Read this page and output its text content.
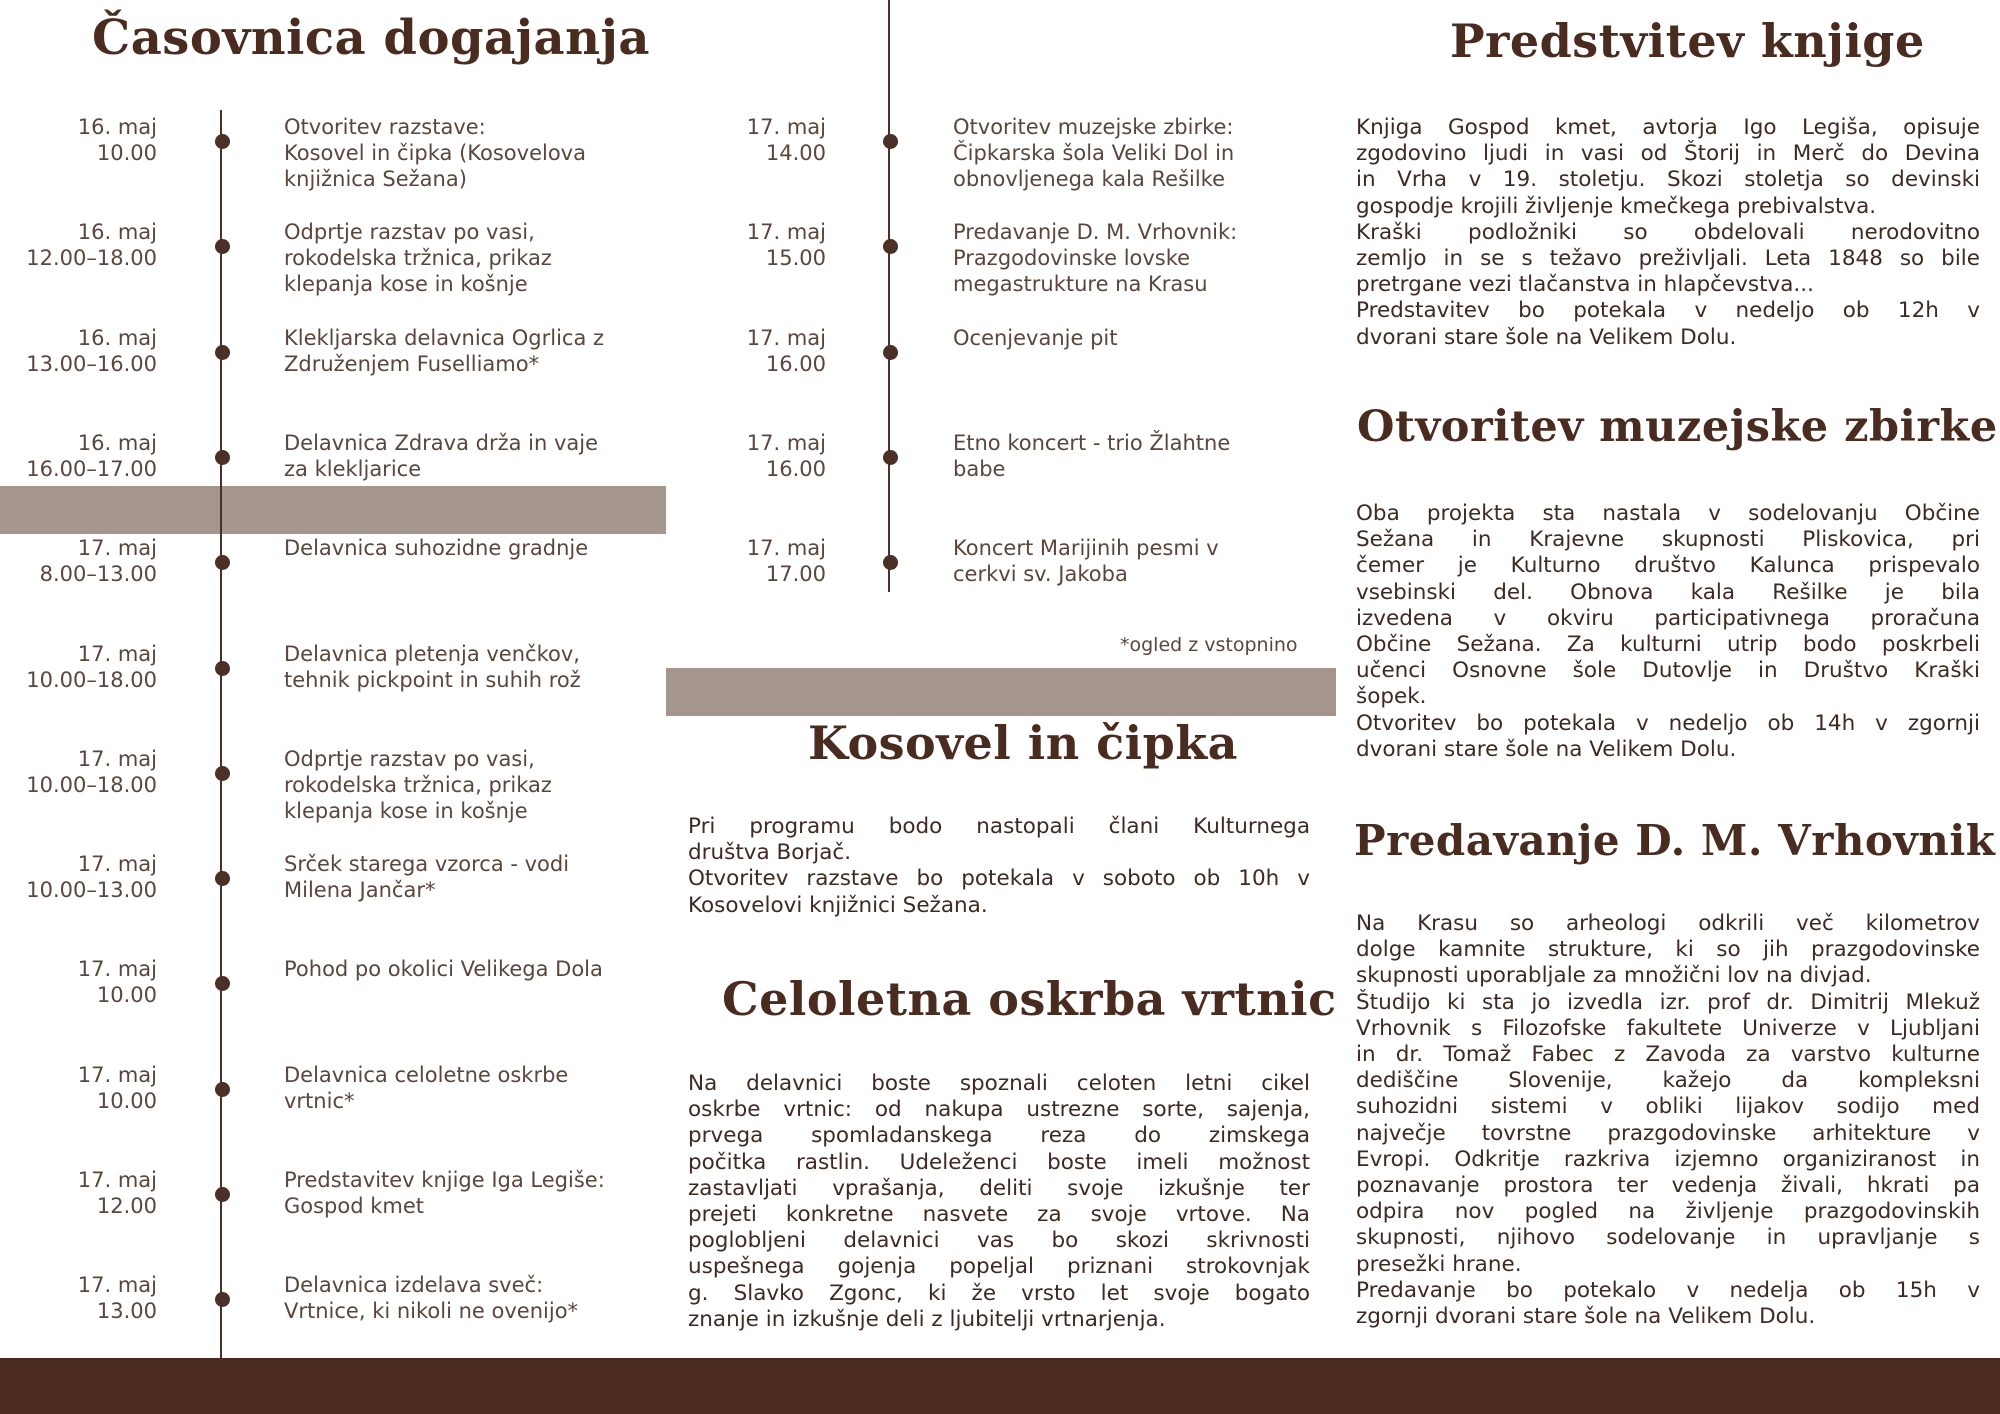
Časovnica dogajanja
16. maj
10.00
Otvoritev razstave:
Kosovel in čipka (Kosovelova
knjižnica Sežana)
16. maj
12.00–18.00
Odprtje razstav po vasi,
rokodelska tržnica, prikaz
klepanja kose in košnje
16. maj
13.00–16.00
Klekljarska delavnica Ogrlica z
Združenjem Fuselliamo*
16. maj
16.00–17.00
Delavnica Zdrava drža in vaje
za klekljarice
17. maj
8.00–13.00
Delavnica suhozidne gradnje
17. maj
10.00–18.00
Delavnica pletenja venčkov,
tehnik pickpoint in suhih rož
17. maj
10.00–18.00
Odprtje razstav po vasi,
rokodelska tržnica, prikaz
klepanja kose in košnje
17. maj
10.00–13.00
Srček starega vzorca - vodi
Milena Jančar*
17. maj
10.00
Pohod po okolici Velikega Dola
17. maj
10.00
Delavnica celoletne oskrbe
vrtnic*
17. maj
12.00
Predstavitev knjige Iga Legiše:
Gospod kmet
17. maj
13.00
Delavnica izdelava sveč:
Vrtnice, ki nikoli ne ovenijo*
17. maj
14.00
Otvoritev muzejske zbirke:
Čipkarska šola Veliki Dol in
obnovljenega kala Rešilke
17. maj
15.00
Predavanje D. M. Vrhovnik:
Prazgodovinske lovske
megastrukture na Krasu
17. maj
16.00
Ocenjevanje pit
17. maj
16.00
Etno koncert - trio Žlahtne
babe
17. maj
17.00
Koncert Marijinih pesmi v
cerkvi sv. Jakoba
*ogled z vstopnino
Kosovel in čipka
Pri programu bodo nastopali člani Kulturnega
društva Borjač.
Otvoritev razstave bo potekala v soboto ob 10h v
Kosovelovi knjižnici Sežana.
Celoletna oskrba vrtnic
Na delavnici boste spoznali celoten letni cikel
oskrbe vrtnic: od nakupa ustrezne sorte, sajenja,
prvega spomladanskega reza do zimskega
počitka rastlin. Udeleženci boste imeli možnost
zastavljati vprašanja, deliti svoje izkušnje ter
prejeti konkretne nasvete za svoje vrtove. Na
poglobljeni delavnici vas bo skozi skrivnosti
uspešnega gojenja popeljal priznani strokovnjak
g. Slavko Zgonc, ki že vrsto let svoje bogato
znanje in izkušnje deli z ljubitelji vrtnarjenja.
Predstvitev knjige
Knjiga Gospod kmet, avtorja Igo Legiša, opisuje
zgodovino ljudi in vasi od Štorij in Merč do Devina
in Vrha v 19. stoletju. Skozi stoletja so devinski
gospodje krojili življenje kmečkega prebivalstva.
Kraški podložniki so obdelovali nerodovitno
zemljo in se s težavo preživljali. Leta 1848 so bile
pretrgane vezi tlačanstva in hlapčevstva...
Predstavitev bo potekala v nedeljo ob 12h v
dvorani stare šole na Velikem Dolu.
Otvoritev muzejske zbirke
Oba projekta sta nastala v sodelovanju Občine
Sežana in Krajevne skupnosti Pliskovica, pri
čemer je Kulturno društvo Kalunca prispevalo
vsebinski del. Obnova kala Rešilke je bila
izvedena v okviru participativnega proračuna
Občine Sežana. Za kulturni utrip bodo poskrbeli
učenci Osnovne šole Dutovlje in Društvo Kraški
šopek.
Otvoritev bo potekala v nedeljo ob 14h v zgornji
dvorani stare šole na Velikem Dolu.
Predavanje D. M. Vrhovnik
Na Krasu so arheologi odkrili več kilometrov
dolge kamnite strukture, ki so jih prazgodovinske
skupnosti uporabljale za množični lov na divjad.
Študijo ki sta jo izvedla izr. prof dr. Dimitrij Mlekuž
Vrhovnik s Filozofske fakultete Univerze v Ljubljani
in dr. Tomaž Fabec z Zavoda za varstvo kulturne
dediščine Slovenije, kažejo da kompleksni
suhozidni sistemi v obliki lijakov sodijo med
največje tovrstne prazgodovinske arhitekture v
Evropi. Odkritje razkriva izjemno organiziranost in
poznavanje prostora ter vedenja živali, hkrati pa
odpira nov pogled na življenje prazgodovinskih
skupnosti, njihovo sodelovanje in upravljanje s
presežki hrane.
Predavanje bo potekalo v nedelja ob 15h v
zgornji dvorani stare šole na Velikem Dolu.
